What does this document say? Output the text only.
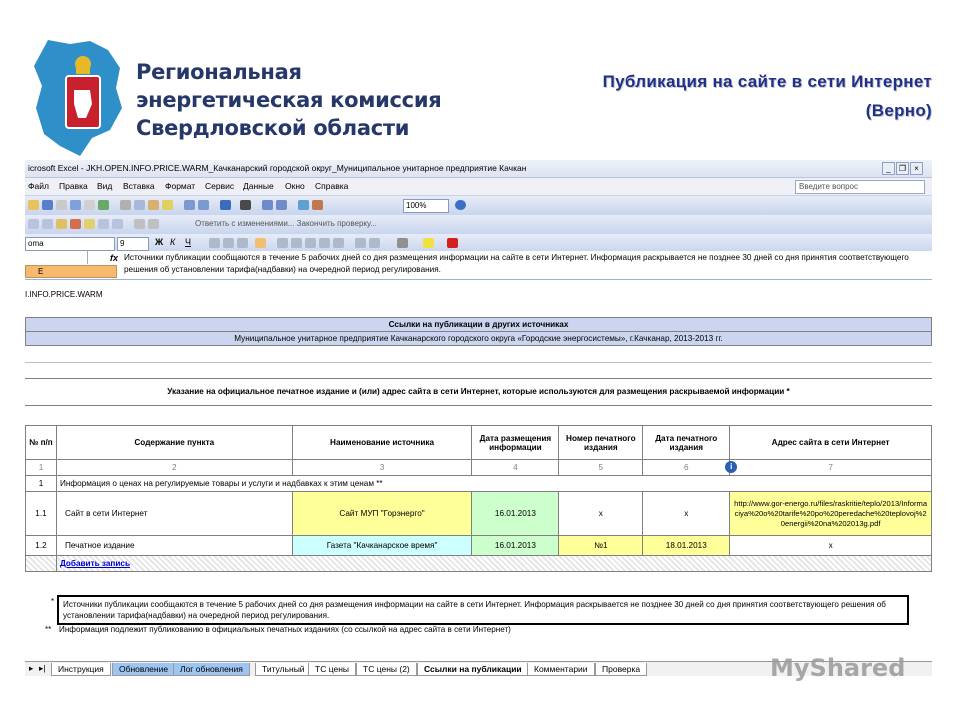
Региональная
энергетическая комиссия
Свердловской области
Публикация на сайте в сети Интернет
(Верно)
icrosoft Excel - JKH.OPEN.INFO.PRICE.WARM_Качканарский городской округ_Муниципальное унитарное предприятие Качкан	_	❐	×
Файл Правка Вид Вставка Формат Сервис Данные Окно Справка	Введите вопрос
100%
Ответить с изменениями... Закончить проверку...
oma	9	Ж К Ч
E
fx Источники публикации сообщаются в течение 5 рабочих дней со дня размещения информации на сайте в сети Интернет. Информация раскрывается не позднее 30 дней со дня принятия соответствующего решения об установлении тарифа(надбавки) на очередной период регулирования.
I.INFO.PRICE.WARM
Ссылки на публикации в других источниках
Муниципальное унитарное предприятие Качканарского городского округа «Городские энергосистемы», г.Качканар, 2013-2013 гг.
Указание на официальное печатное издание и (или) адрес сайта в сети Интернет, которые используются для размещения раскрываемой информации *
№ п/п	Содержание пункта	Наименование источника	Дата размещения информации	Номер печатного издания	Дата печатного издания	Адрес сайта в сети Интернет
1	2	3	4	5	6 i	7
1	Информация о ценах на регулируемые товары и услуги и надбавках к этим ценам **					
1.1	Сайт в сети Интернет	Сайт МУП "Горэнерго"	16.01.2013	x	x	http://www.gor-energo.ru/files/raskritie/teplo/2013/Informaciya%20o%20tarife%20po%20peredache%20teplovoj%20energii%20na%202013g.pdf
1.2	Печатное издание	Газета "Качканарское время"	16.01.2013	№1	18.01.2013	x
	Добавить запись					
*	Источники публикации сообщаются в течение 5 рабочих дней со дня размещения информации на сайте в сети Интернет. Информация раскрывается не позднее 30 дней со дня принятия соответствующего решения об установлении тарифа(надбавки) на очередной период регулирования.
** Информация подлежит публикованию в официальных печатных изданиях (со ссылкой на адрес сайта в сети Интернет)
▸ ▸|	Инструкция	Обновление	Лог обновления	Титульный	ТС цены	ТС цены (2)	Ссылки на публикации	Комментарии	Проверка	MyShared
